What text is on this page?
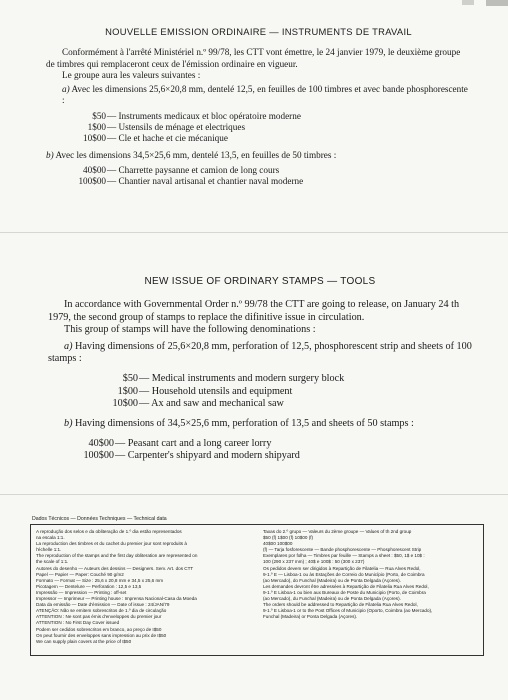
NOUVELLE EMISSION ORDINAIRE — INSTRUMENTS DE TRAVAIL

Conformément à l'arrêté Ministériel n.º 99/78, les CTT vont émettre, le 24 janvier 1979, le deuxième groupe de timbres qui remplaceront ceux de l'émission ordinaire en vigueur.

Le groupe aura les valeurs suivantes :

a) Avec les dimensions 25,6×20,8 mm, dentelé 12,5, en feuilles de 100 timbres et avec bande phosphorescente :
$50 — Instruments medicaux et bloc opératoire moderne
1$00 — Ustensils de ménage et electriques
10$00 — Cle et hache et cie mécanique
b) Avec les dimensions 34,5×25,6 mm, dentelé 13,5, en feuilles de 50 timbres :
40$00 — Charrette paysanne et camion de long cours
100$00 — Chantier naval artisanal et chantier naval moderne
NEW ISSUE OF ORDINARY STAMPS — TOOLS

In accordance with Governmental Order n.º 99/78 the CTT are going to release, on January 24 th 1979, the second group of stamps to replace the difinitive issue in circulation.

This group of stamps will have the following denominations :

a) Having dimensions of 25,6×20,8 mm, perforation of 12,5, phosphorescent strip and sheets of 100 stamps :
$50 — Medical instruments and modern surgery block
1$00 — Household utensils and equipment
10$00 — Ax and saw and mechanical saw
b) Having dimensions of 34,5×25,6 mm, perforation of 13,5 and sheets of 50 stamps :
40$00 — Peasant cart and a long career lorry
100$00 — Carpenter's shipyard and modern shipyard
Dados Técnicos — Données Techniques — Technical data
A reprodução dos selos e da obliteração de 1.º dia estão representados
na escala 1:1.
La reproduction des timbres et du cachet du premier jour sont reproduits à
l'échelle 1:1.
The reproduction of the stamps and the first day obliteration are represented on
the scale of 1:1.
Autores do desenho — Auteurs des dessins — Designers. Serv. Art. dos CTT
Papel — Papier — Paper: Couché 90 g/m2
Formato — Format — Size : 25,6 x 20,8 mm e 34,5 x 25,6 mm
Picotagem — Dentelure — Perforation : 12,5 e 13,5
Impressão — Impression — Printing : off-set
Impressor — Imprimeur — Printing house : Imprensa Nacional-Casa da Moeda
Data da emissão — Date d'émission — Date of issue : 24/JAN/79
ATENÇÃO: Não se emitem sobrescritos de 1.º dia de circulação
ATTENTION : Ne sont pas émis d'enveloppes du premier jour
ATTENTION : No First Day Cover issued
Podem ser cedidos sobrescritos em branco, ao preço de I$50
On peut fournir des enveloppes sans impression au prix de I$50
We can supply plain covers at the price of I$50
Taxas do 2.º grupo — Valeurs du 2ème groupe — Values of th 2nd group
$50 (f) 1$00 (f) 10$00 (f)
40$00 100$00
(f) — Tarja fosforescente — Bande phosphorescente — Phosphorescent Strip
Exemplares por folha — Timbres par feuille — Stamps a sheet : $50, 1$ e 10$ :
100 (290 x 237 mm) ; 40$ e 100$ : 50 (300 x 237)
Os pedidos devem ser dirigidos à Repartição de Filatelia — Rua Alves Redol,
9-1.º E — Lisboa-1 ou às Estações de Correio do Município (Porto, de Coimbra
(ao Mercado), do Funchal (Madeira) ou de Ponta Delgada (Açores).
Les demandes devront être adressées à Repartição de Filatelia Rua Alves Redol,
9-1.º E Lisboa-1 ou bien aux Bureaux de Poste du Municipio (Porto, de Coimbra
(ao Mercado), du Funchal (Madeira) ou de Ponta Delgada (Açores).
The orders should be addressed to Repartição de Filatelia Rua Alves Redol,
9-1.º E Lisboa-1 or to the Post Offices of Municipio (Oporto, Coimbra (ao Mercado),
Funchal (Madeira) or Ponta Delgada (Açores).
